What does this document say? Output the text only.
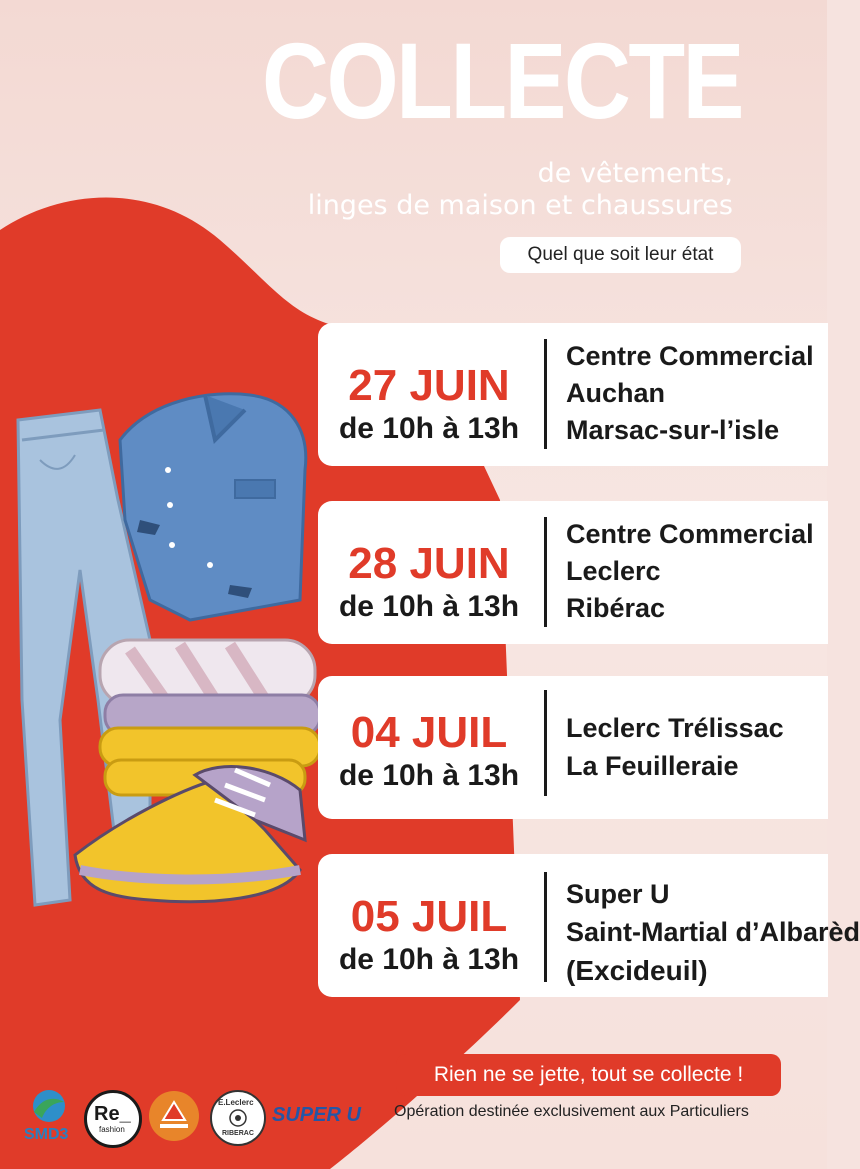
COLLECTE
de vêtements,
linges de maison et chaussures
Quel que soit leur état
27 JUIN
de 10h à 13h
Centre Commercial
Auchan
Marsac-sur-l’isle
28 JUIN
de 10h à 13h
Centre Commercial
Leclerc
Ribérac
04 JUIL
de 10h à 13h
Leclerc Trélissac
La Feuilleraie
05 JUIL
de 10h à 13h
Super U
Saint-Martial d’Albarèd
(Excideuil)
Rien ne se jette, tout se collecte !
Opération destinée exclusivement aux Particuliers
SMD3
Re_
fashion
E.Leclerc
RIBERAC
SUPER U
